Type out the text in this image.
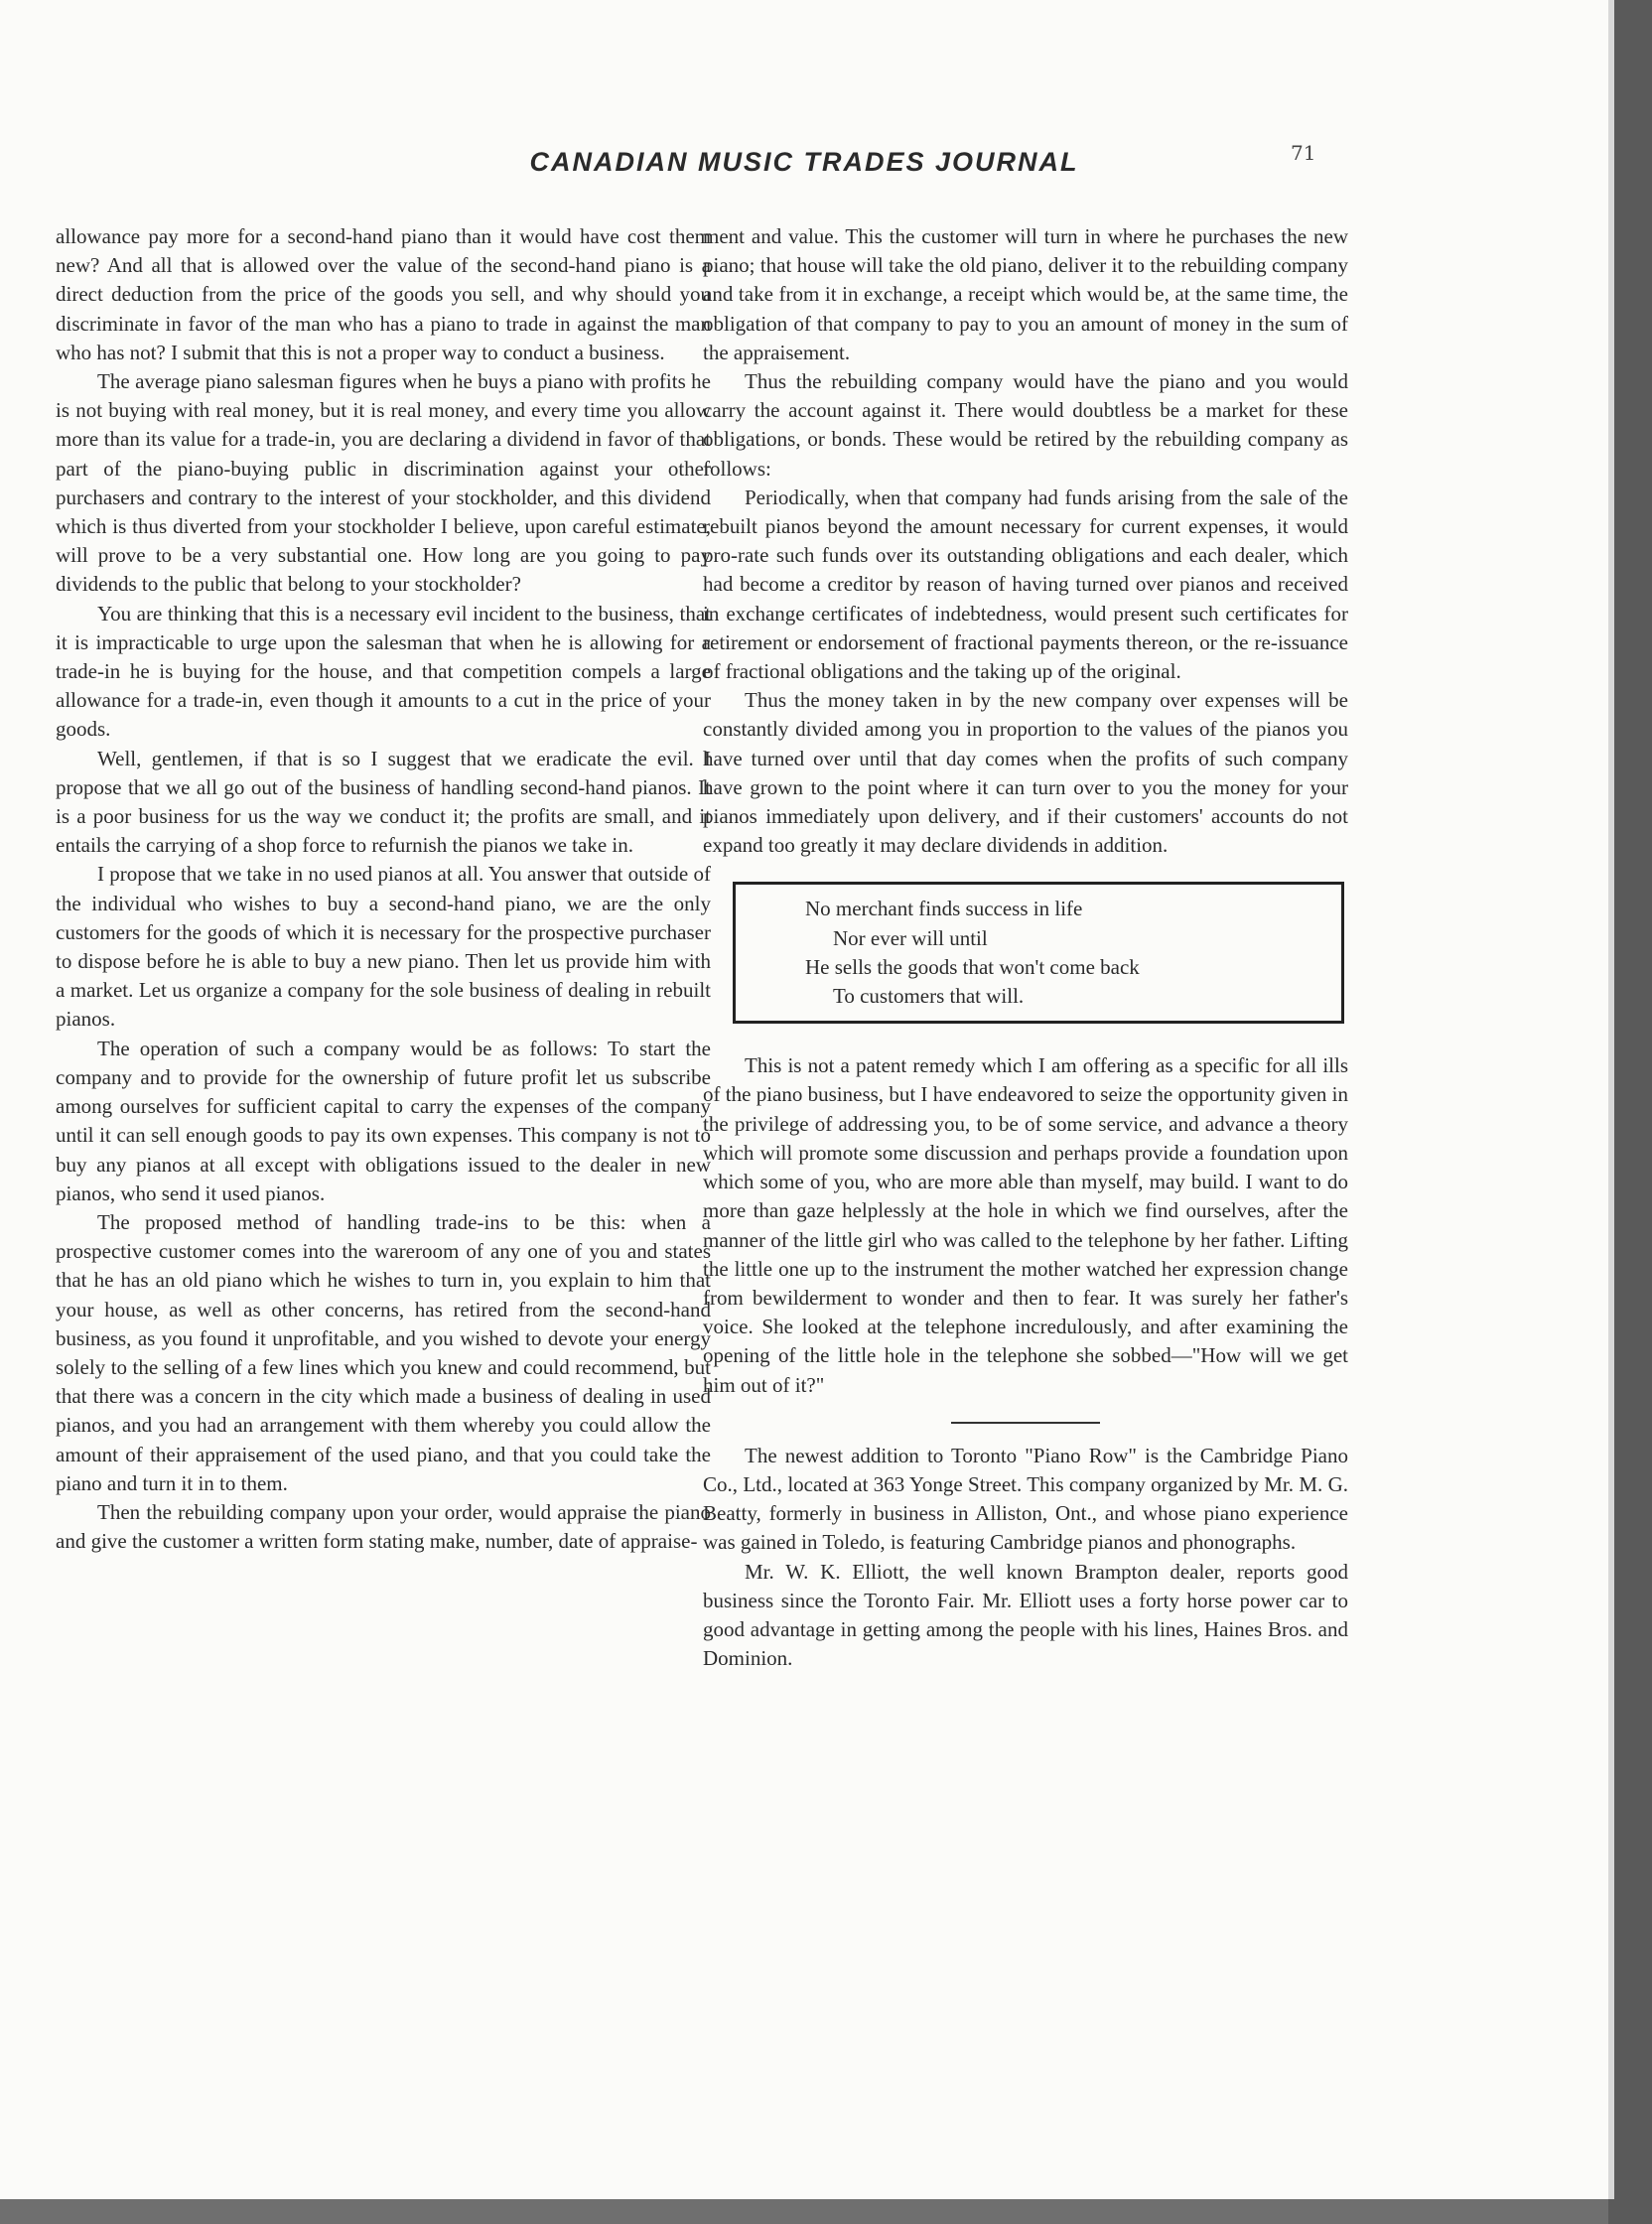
CANADIAN MUSIC TRADES JOURNAL	71

allowance pay more for a second-hand piano than it would have cost them new? And all that is allowed over the value of the second-hand piano is a direct deduction from the price of the goods you sell, and why should you discriminate in favor of the man who has a piano to trade in against the man who has not? I submit that this is not a proper way to conduct a business.

The average piano salesman figures when he buys a piano with profits he is not buying with real money, but it is real money, and every time you allow more than its value for a trade-in, you are declaring a dividend in favor of that part of the piano-buying public in discrimination against your other purchasers and contrary to the interest of your stockholder, and this dividend which is thus diverted from your stockholder I believe, upon careful estimate, will prove to be a very substantial one. How long are you going to pay dividends to the public that belong to your stockholder?

You are thinking that this is a necessary evil incident to the business, that it is impracticable to urge upon the salesman that when he is allowing for a trade-in he is buying for the house, and that competition compels a large allowance for a trade-in, even though it amounts to a cut in the price of your goods.

Well, gentlemen, if that is so I suggest that we eradicate the evil. I propose that we all go out of the business of handling second-hand pianos. It is a poor business for us the way we conduct it; the profits are small, and it entails the carrying of a shop force to refurnish the pianos we take in.

I propose that we take in no used pianos at all. You answer that outside of the individual who wishes to buy a second-hand piano, we are the only customers for the goods of which it is necessary for the prospective purchaser to dispose before he is able to buy a new piano. Then let us provide him with a market. Let us organize a company for the sole business of dealing in rebuilt pianos.

The operation of such a company would be as follows: To start the company and to provide for the ownership of future profit let us subscribe among ourselves for sufficient capital to carry the expenses of the company until it can sell enough goods to pay its own expenses. This company is not to buy any pianos at all except with obligations issued to the dealer in new pianos, who send it used pianos.

The proposed method of handling trade-ins to be this: when a prospective customer comes into the wareroom of any one of you and states that he has an old piano which he wishes to turn in, you explain to him that your house, as well as other concerns, has retired from the second-hand business, as you found it unprofitable, and you wished to devote your energy solely to the selling of a few lines which you knew and could recommend, but that there was a concern in the city which made a business of dealing in used pianos, and you had an arrangement with them whereby you could allow the amount of their appraisement of the used piano, and that you could take the piano and turn it in to them.

Then the rebuilding company upon your order, would appraise the piano and give the customer a written form stating make, number, date of appraise-

ment and value. This the customer will turn in where he purchases the new piano; that house will take the old piano, deliver it to the rebuilding company and take from it in exchange, a receipt which would be, at the same time, the obligation of that company to pay to you an amount of money in the sum of the appraisement.

Thus the rebuilding company would have the piano and you would carry the account against it. There would doubtless be a market for these obligations, or bonds. These would be retired by the rebuilding company as follows:

Periodically, when that company had funds arising from the sale of the rebuilt pianos beyond the amount necessary for current expenses, it would pro-rate such funds over its outstanding obligations and each dealer, which had become a creditor by reason of having turned over pianos and received in exchange certificates of indebtedness, would present such certificates for retirement or endorsement of fractional payments thereon, or the re-issuance of fractional obligations and the taking up of the original.

Thus the money taken in by the new company over expenses will be constantly divided among you in proportion to the values of the pianos you have turned over until that day comes when the profits of such company have grown to the point where it can turn over to you the money for your pianos immediately upon delivery, and if their customers' accounts do not expand too greatly it may declare dividends in addition.

No merchant finds success in life
Nor ever will until
He sells the goods that won't come back
To customers that will.

This is not a patent remedy which I am offering as a specific for all ills of the piano business, but I have endeavored to seize the opportunity given in the privilege of addressing you, to be of some service, and advance a theory which will promote some discussion and perhaps provide a foundation upon which some of you, who are more able than myself, may build. I want to do more than gaze helplessly at the hole in which we find ourselves, after the manner of the little girl who was called to the telephone by her father. Lifting the little one up to the instrument the mother watched her expression change from bewilderment to wonder and then to fear. It was surely her father's voice. She looked at the telephone incredulously, and after examining the opening of the little hole in the telephone she sobbed—"How will we get him out of it?"

The newest addition to Toronto "Piano Row" is the Cambridge Piano Co., Ltd., located at 363 Yonge Street. This company organized by Mr. M. G. Beatty, formerly in business in Alliston, Ont., and whose piano experience was gained in Toledo, is featuring Cambridge pianos and phonographs.

Mr. W. K. Elliott, the well known Brampton dealer, reports good business since the Toronto Fair. Mr. Elliott uses a forty horse power car to good advantage in getting among the people with his lines, Haines Bros. and Dominion.
